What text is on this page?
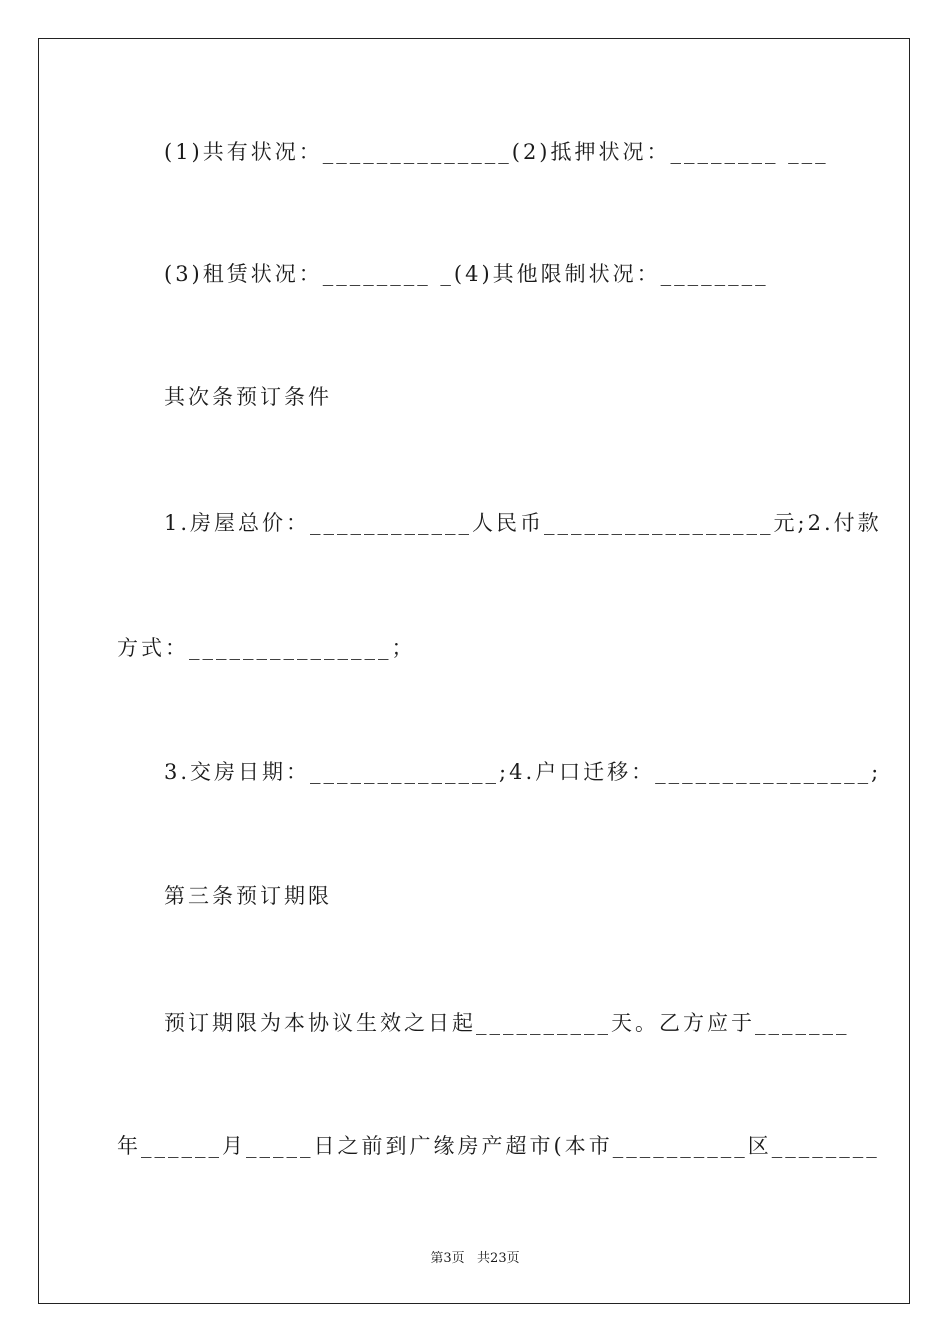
(1)共有状况：______________(2)抵押状况：________ ___
(3)租赁状况：________ _(4)其他限制状况：________
其次条预订条件
1.房屋总价：____________人民币_________________元;2.付款
方式：_______________；
3.交房日期：______________;4.户口迁移：________________;
第三条预订期限
预订期限为本协议生效之日起__________天。乙方应于_______
年______月_____日之前到广缘房产超市(本市__________区________
第3页   共23页
